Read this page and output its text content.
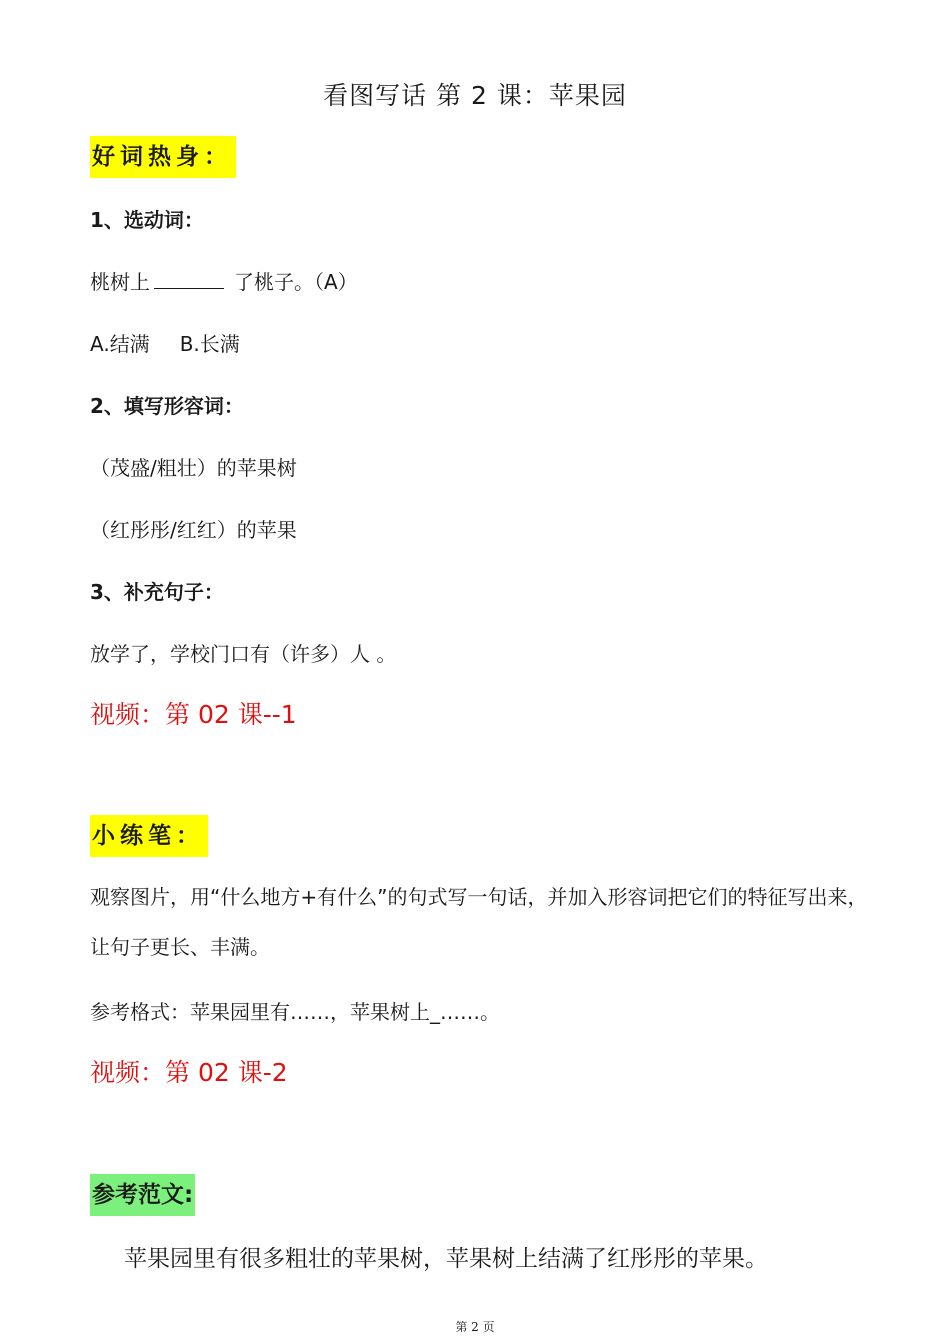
看图写话 第 2 课：苹果园
好词热身：
1、选动词：
桃树上	了桃子。（A）
A.结满 B.长满
2、填写形容词：
（茂盛/粗壮）的苹果树
（红彤彤/红红）的苹果
3、补充句子：
放学了，学校门口有（许多）人 。
视频：第 02 课--1
小练笔：
观察图片，用“什么地方+有什么”的句式写一句话，并加入形容词把它们的特征写出来，让句子更长、丰满。
参考格式：苹果园里有……，苹果树上_……。
视频：第 02 课-2
参考范文:
苹果园里有很多粗壮的苹果树，苹果树上结满了红彤彤的苹果。
第 2 页
